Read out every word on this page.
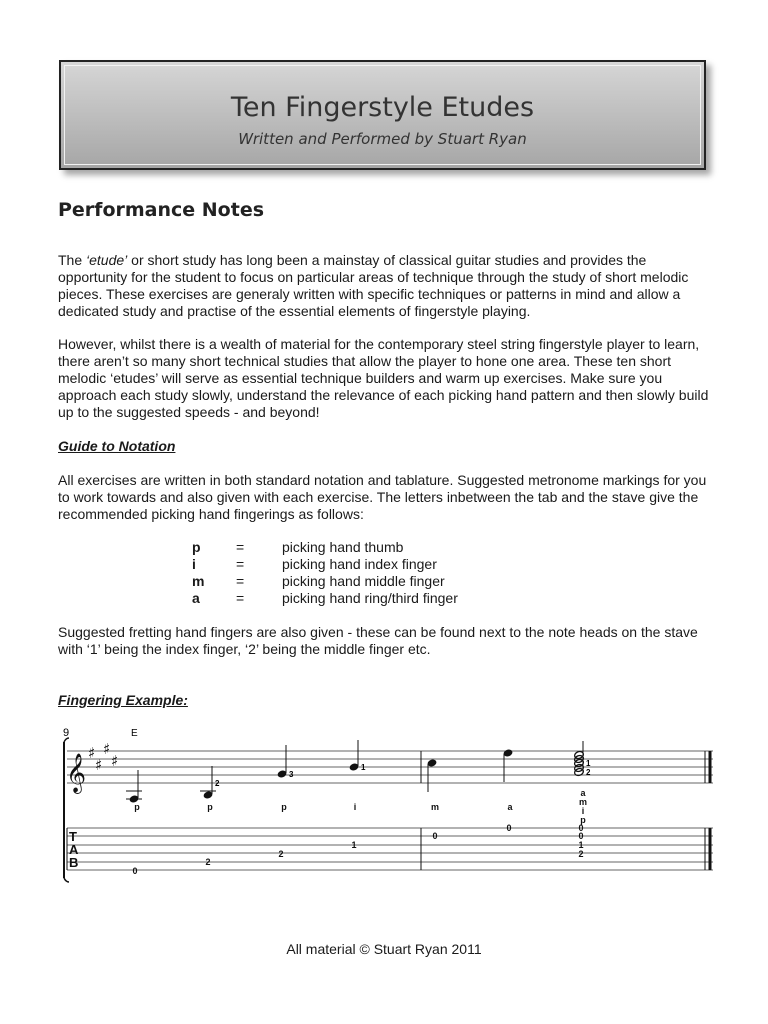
Ten Fingerstyle Etudes
Written and Performed by Stuart Ryan
Performance Notes

The ‘etude’ or short study has long been a mainstay of classical guitar studies and provides the opportunity for the student to focus on particular areas of technique through the study of short melodic pieces. These exercises are generaly written with specific techniques or patterns in mind and allow a dedicated study and practise of the essential elements of fingerstyle playing.

However, whilst there is a wealth of material for the contemporary steel string fingerstyle player to learn, there aren’t so many short technical studies that allow the player to hone one area. These ten short melodic ‘etudes’ will serve as essential technique builders and warm up exercises. Make sure you approach each study slowly, understand the relevance of each picking hand pattern and then slowly build up to the suggested speeds - and beyond!

Guide to Notation

All exercises are written in both standard notation and tablature. Suggested metronome markings for you to work towards and also given with each exercise. The letters inbetween the tab and the stave give the recommended picking hand fingerings as follows:

p	=	picking hand thumb
i	=	picking hand index finger
m =	picking hand middle finger
a	=	picking hand ring/third finger

Suggested fretting hand fingers are also given - these can be found next to the note heads on the stave with ‘1’ being the index finger, ‘2’ being the middle finger etc.

Fingering Example:

9	E
𝄞 ♯
♯
♯
♯
2
3
1	1
2
p	p	p	i	m	a
a
m
i
p
T
A
B
0
2
2
1
0
0	0
0
1
2
All material © Stuart Ryan 2011
